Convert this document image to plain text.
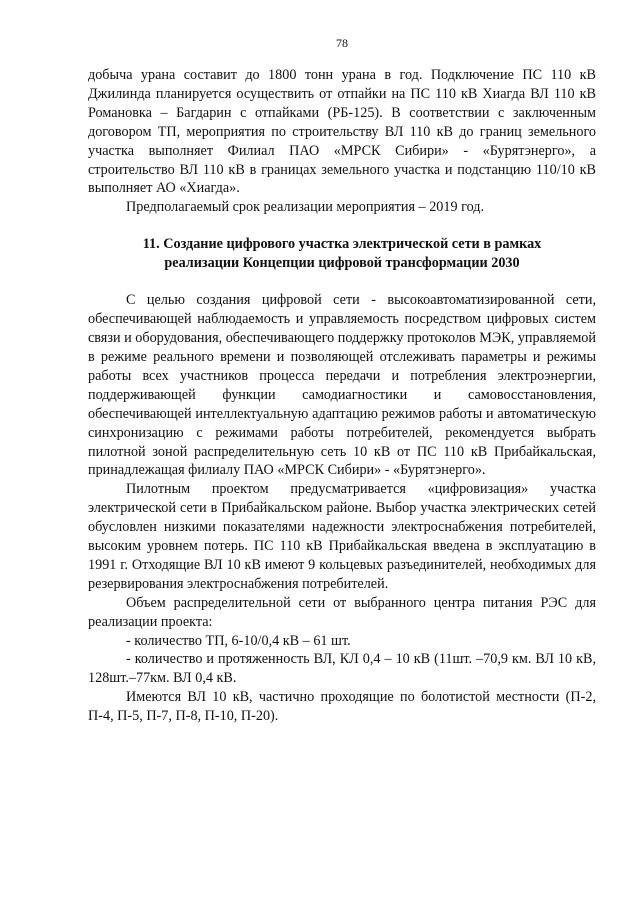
78

добыча урана составит до 1800 тонн урана в год. Подключение ПС 110 кВ Джилинда планируется осуществить от отпайки на ПС 110 кВ Хиагда ВЛ 110 кВ Романовка – Багдарин с отпайками (РБ-125). В соответствии с заключенным договором ТП, мероприятия по строительству ВЛ 110 кВ до границ земельного участка выполняет Филиал ПАО «МРСК Сибири» - «Бурятэнерго», а строительство ВЛ 110 кВ в границах земельного участка и подстанцию 110/10 кВ выполняет АО «Хиагда».

Предполагаемый срок реализации мероприятия – 2019 год.

11. Создание цифрового участка электрической сети в рамках
реализации Концепции цифровой трансформации 2030

С целью создания цифровой сети - высокоавтоматизированной сети, обеспечивающей наблюдаемость и управляемость посредством цифровых систем связи и оборудования, обеспечивающего поддержку протоколов МЭК, управляемой в режиме реального времени и позволяющей отслеживать параметры и режимы работы всех участников процесса передачи и потребления электроэнергии, поддерживающей функции самодиагностики и самовосстановления, обеспечивающей интеллектуальную адаптацию режимов работы и автоматическую синхронизацию с режимами работы потребителей, рекомендуется выбрать пилотной зоной распределительную сеть 10 кВ от ПС 110 кВ Прибайкальская, принадлежащая филиалу ПАО «МРСК Сибири» - «Бурятэнерго».

Пилотным проектом предусматривается «цифровизация» участка электрической сети в Прибайкальском районе. Выбор участка электрических сетей обусловлен низкими показателями надежности электроснабжения потребителей, высоким уровнем потерь. ПС 110 кВ Прибайкальская введена в эксплуатацию в 1991 г. Отходящие ВЛ 10 кВ имеют 9 кольцевых разъединителей, необходимых для резервирования электроснабжения потребителей.

Объем распределительной сети от выбранного центра питания РЭС для реализации проекта:

- количество ТП, 6-10/0,4 кВ – 61 шт.

- количество и протяженность ВЛ, КЛ 0,4 – 10 кВ (11шт. –70,9 км. ВЛ 10 кВ, 128шт.–77км. ВЛ 0,4 кВ.

Имеются ВЛ 10 кВ, частично проходящие по болотистой местности (П-2, П-4, П-5, П-7, П-8, П-10, П-20).
